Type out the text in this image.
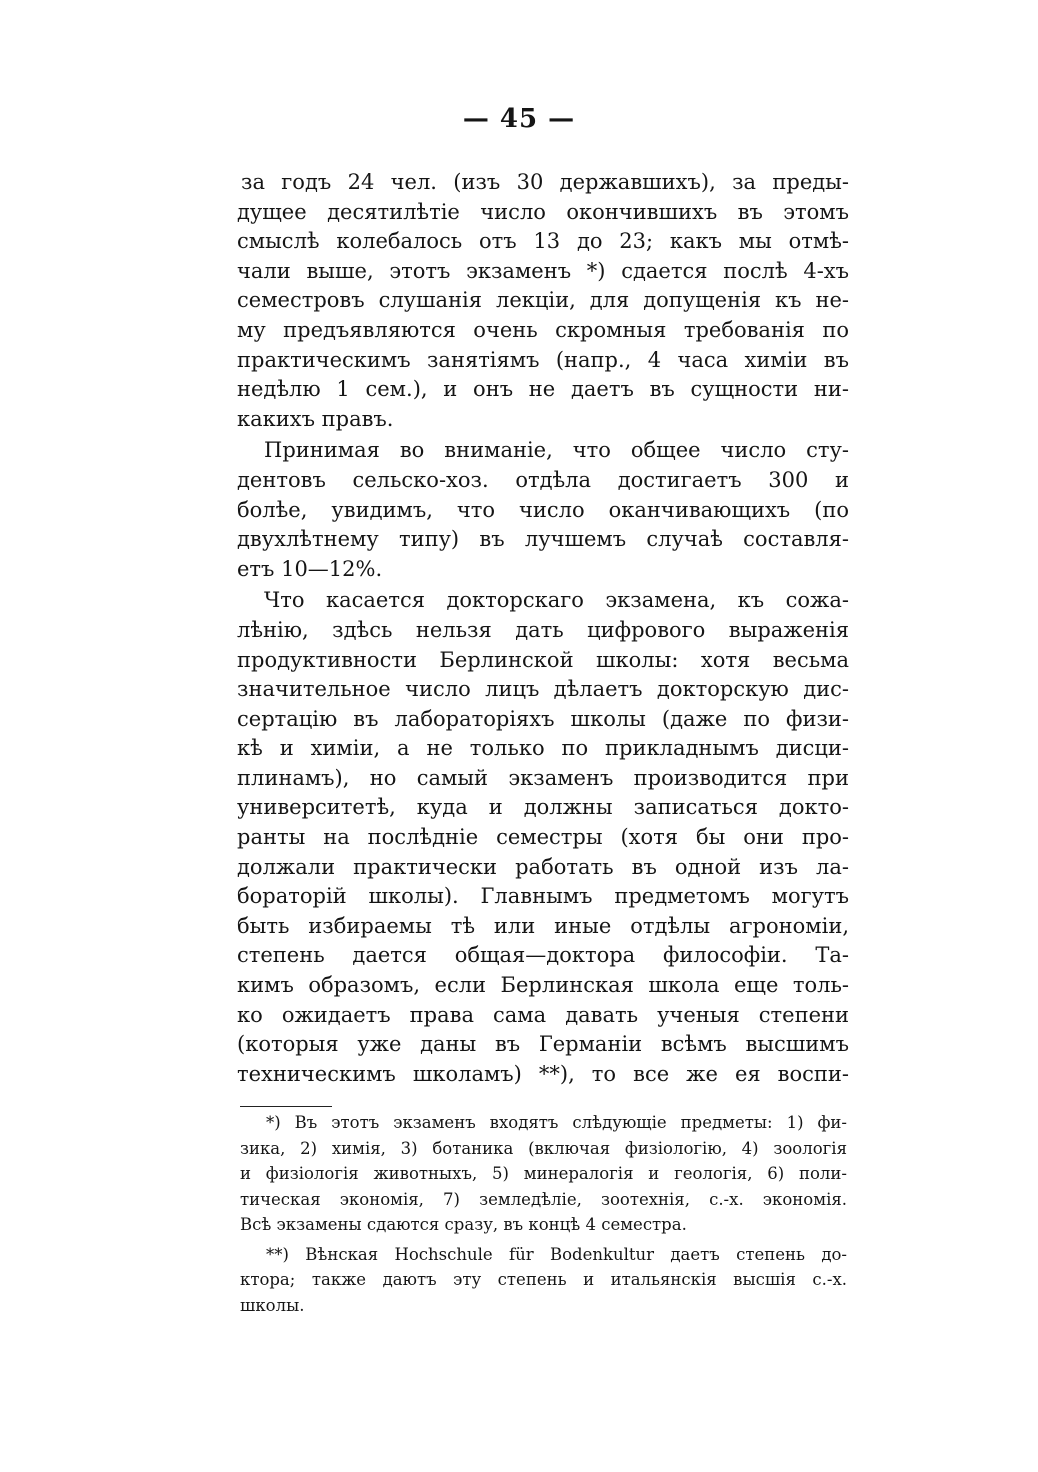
— 45 —
за годъ 24 чел. (изъ 30 державшихъ), за преды-
дущее десятилѣтіе число окончившихъ въ этомъ
смыслѣ колебалось отъ 13 до 23; какъ мы отмѣ-
чали выше, этотъ экзаменъ *) сдается послѣ 4-хъ
семестровъ слушанія лекціи, для допущенія къ не-
му предъявляются очень скромныя требованія по
практическимъ занятіямъ (напр., 4 часа химіи въ
недѣлю 1 сем.), и онъ не даетъ въ сущности ни-
какихъ правъ.
Принимая во вниманіе, что общее число сту-
дентовъ сельско-хоз. отдѣла достигаетъ 300 и
болѣе, увидимъ, что число оканчивающихъ (по
двухлѣтнему типу) въ лучшемъ случаѣ составля-
етъ 10—12%.
Что касается докторскаго экзамена, къ сожа-
лѣнію, здѣсь нельзя дать цифрового выраженія
продуктивности Берлинской школы: хотя весьма
значительное число лицъ дѣлаетъ докторскую дис-
сертацію въ лабораторіяхъ школы (даже по физи-
кѣ и химіи, а не только по прикладнымъ дисци-
плинамъ), но самый экзаменъ производится при
университетѣ, куда и должны записаться докто-
ранты на послѣдніе семестры (хотя бы они про-
должали практически работать въ одной изъ ла-
бораторій школы). Главнымъ предметомъ могутъ
быть избираемы тѣ или иные отдѣлы агрономіи,
степень дается общая—доктора философіи. Та-
кимъ образомъ, если Берлинская школа еще толь-
ко ожидаетъ права сама давать ученыя степени
(которыя уже даны въ Германіи всѣмъ высшимъ
техническимъ школамъ) **), то все же ея воспи-
*) Въ этотъ экзаменъ входятъ слѣдующіе предметы: 1) фи-
зика, 2) химія, 3) ботаника (включая физіологію, 4) зоологія
и физіологія животныхъ, 5) минералогія и геологія, 6) поли-
тическая экономія, 7) земледѣліе, зоотехнія, с.-х. экономія.
Всѣ экзамены сдаются сразу, въ концѣ 4 семестра.
**) Вѣнская Hochschule für Bodenkultur даетъ степень до-
ктора; также даютъ эту степень и итальянскія высшія с.-х.
школы.
